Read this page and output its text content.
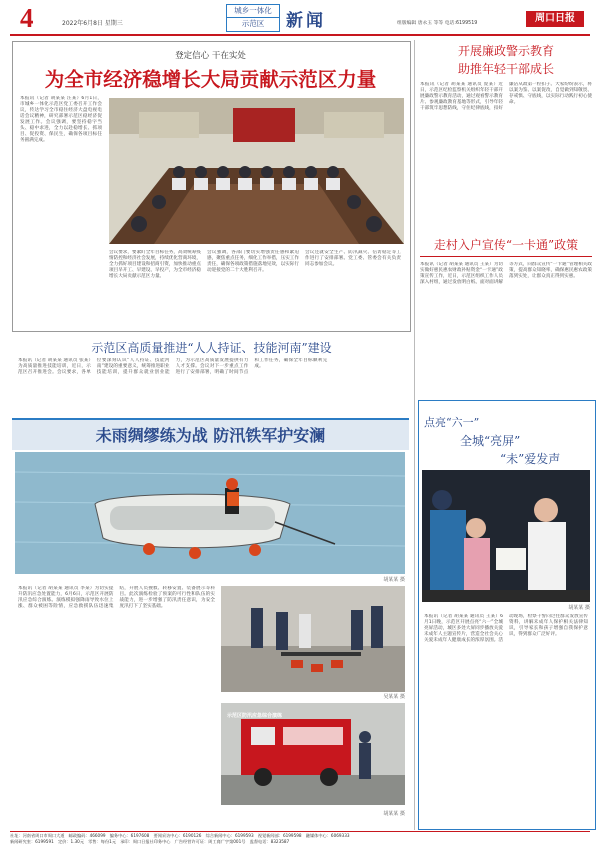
4	2022年6月8日 星期三
城乡一体化
示范区	新闻	组版编辑 唐永玉 等等 电话:6199519	周口日报
登定信心 干在实处
为全市经济稳增长大局贡献示范区力量
本报讯（记者 胡某某 汪某）6月1日，市城乡一体化示范区党工委召开工作会议，传达学习全市稳住经济大盘电视电话会议精神，研究部署示范区稳经济促发展工作。会议强调，要坚持稳字当头、稳中求进，全力以赴稳增长、抓项目、促投资、保民生，确保各项目标任务圆满完成。
会议要求，要紧盯全年目标任务，高效统筹疫情防控和经济社会发展，持续优化营商环境，全力抓好项目建设和招商引资，加快推动重点项目早开工、早建设、早投产，为全市经济稳增长大局贡献示范区力量。
会议强调，各部门要切实增强责任感和紧迫感，聚焦重点任务，细化工作举措，压实工作责任，确保各项政策措施落地见效，以实际行动迎接党的二十大胜利召开。
会议还就安全生产、防汛减灾、信访稳定等工作进行了安排部署。党工委、管委会有关负责同志参加会议。
示范区高质量推进“人人持证、技能河南”建设
本报讯（记者 胡某某 通讯员 张某）为高质量推进技能培训，近日，示范区召开推进会。会议要求，各单位要深刻认识“人人持证、技能河南”建设的重要意义，统筹推进职业技能培训，提升群众就业创业能力，为示范区高质量发展提供有力人才支撑。会议对下一步重点工作进行了安排部署，明确了时间节点和工作任务，确保全年目标顺利完成。
未雨绸缪练为战 防汛铁军护安澜
胡某某 摄
本报讯（记者 胡某某 通讯员 李某）为切实提升防汛应急处置能力，6月6日，示范区开展防汛应急综合演练。演练模拟强降雨导致水位上涨、群众被困等险情，应急救援队伍迅速集结，开展人员搜救、转移安置、装备展示等科目。此次演练检验了预案的可行性和队伍的实战能力，进一步增强了防汛责任意识，为安全度汛打下了坚实基础。
吴某某 摄
示范区防汛应急综合演练
胡某某 摄
开展廉政警示教育
助推年轻干部成长
本报讯（记者 胡某某 通讯员 庞某）近日，示范区纪检监察机关组织年轻干部开展廉政警示教育活动，通过观看警示教育片、参观廉政教育基地等形式，引导年轻干部筑牢思想防线，守住纪律底线，扣好廉洁从政第一粒扣子。大家纷纷表示，将以案为鉴、以案促改，自觉做到知敬畏、存戒惧、守底线，以实际行动践行初心使命。
走村入户宣传“一卡通”政策
本报讯（记者 胡某某 通讯员 王某）为切实做好惠民惠农财政补贴资金“一卡通”政策宣传工作，近日，示范区组织工作人员深入村组，通过发放明白纸、面对面讲解等方式，向群众宣传“一卡通”管理相关政策，提高群众知晓率，确保惠民惠农政策落到实处，让群众真正得到实惠。
点亮“六一”
全城“亮屏”
“未”爱发声
胡某某 摄
本报讯（记者 胡某某 通讯员 王某）6月1日晚，示范区开展点亮“六一”全城亮屏活动，城区多处大屏同步播放关爱未成年人主题宣传片，营造全社会关心关爱未成年人健康成长的浓厚氛围。活动现场，检察干警向过往群众发放宣传资料，讲解未成年人保护相关法律知识，引导家长和孩子增强自我保护意识，得到群众广泛好评。
社址：河南省周口市周口大道　邮政编码：466099　编务中心：6197608　要闻采访中心：6190126　综合新闻中心：6199593　视觉新闻部：6199598　融媒体中心：6069333
新闻研究室：6199591　定价：1.30元　零售：每份1元　承印：周口日报社印务中心　广告经营许可证：周工商广字第001号　监督电话：8323587
